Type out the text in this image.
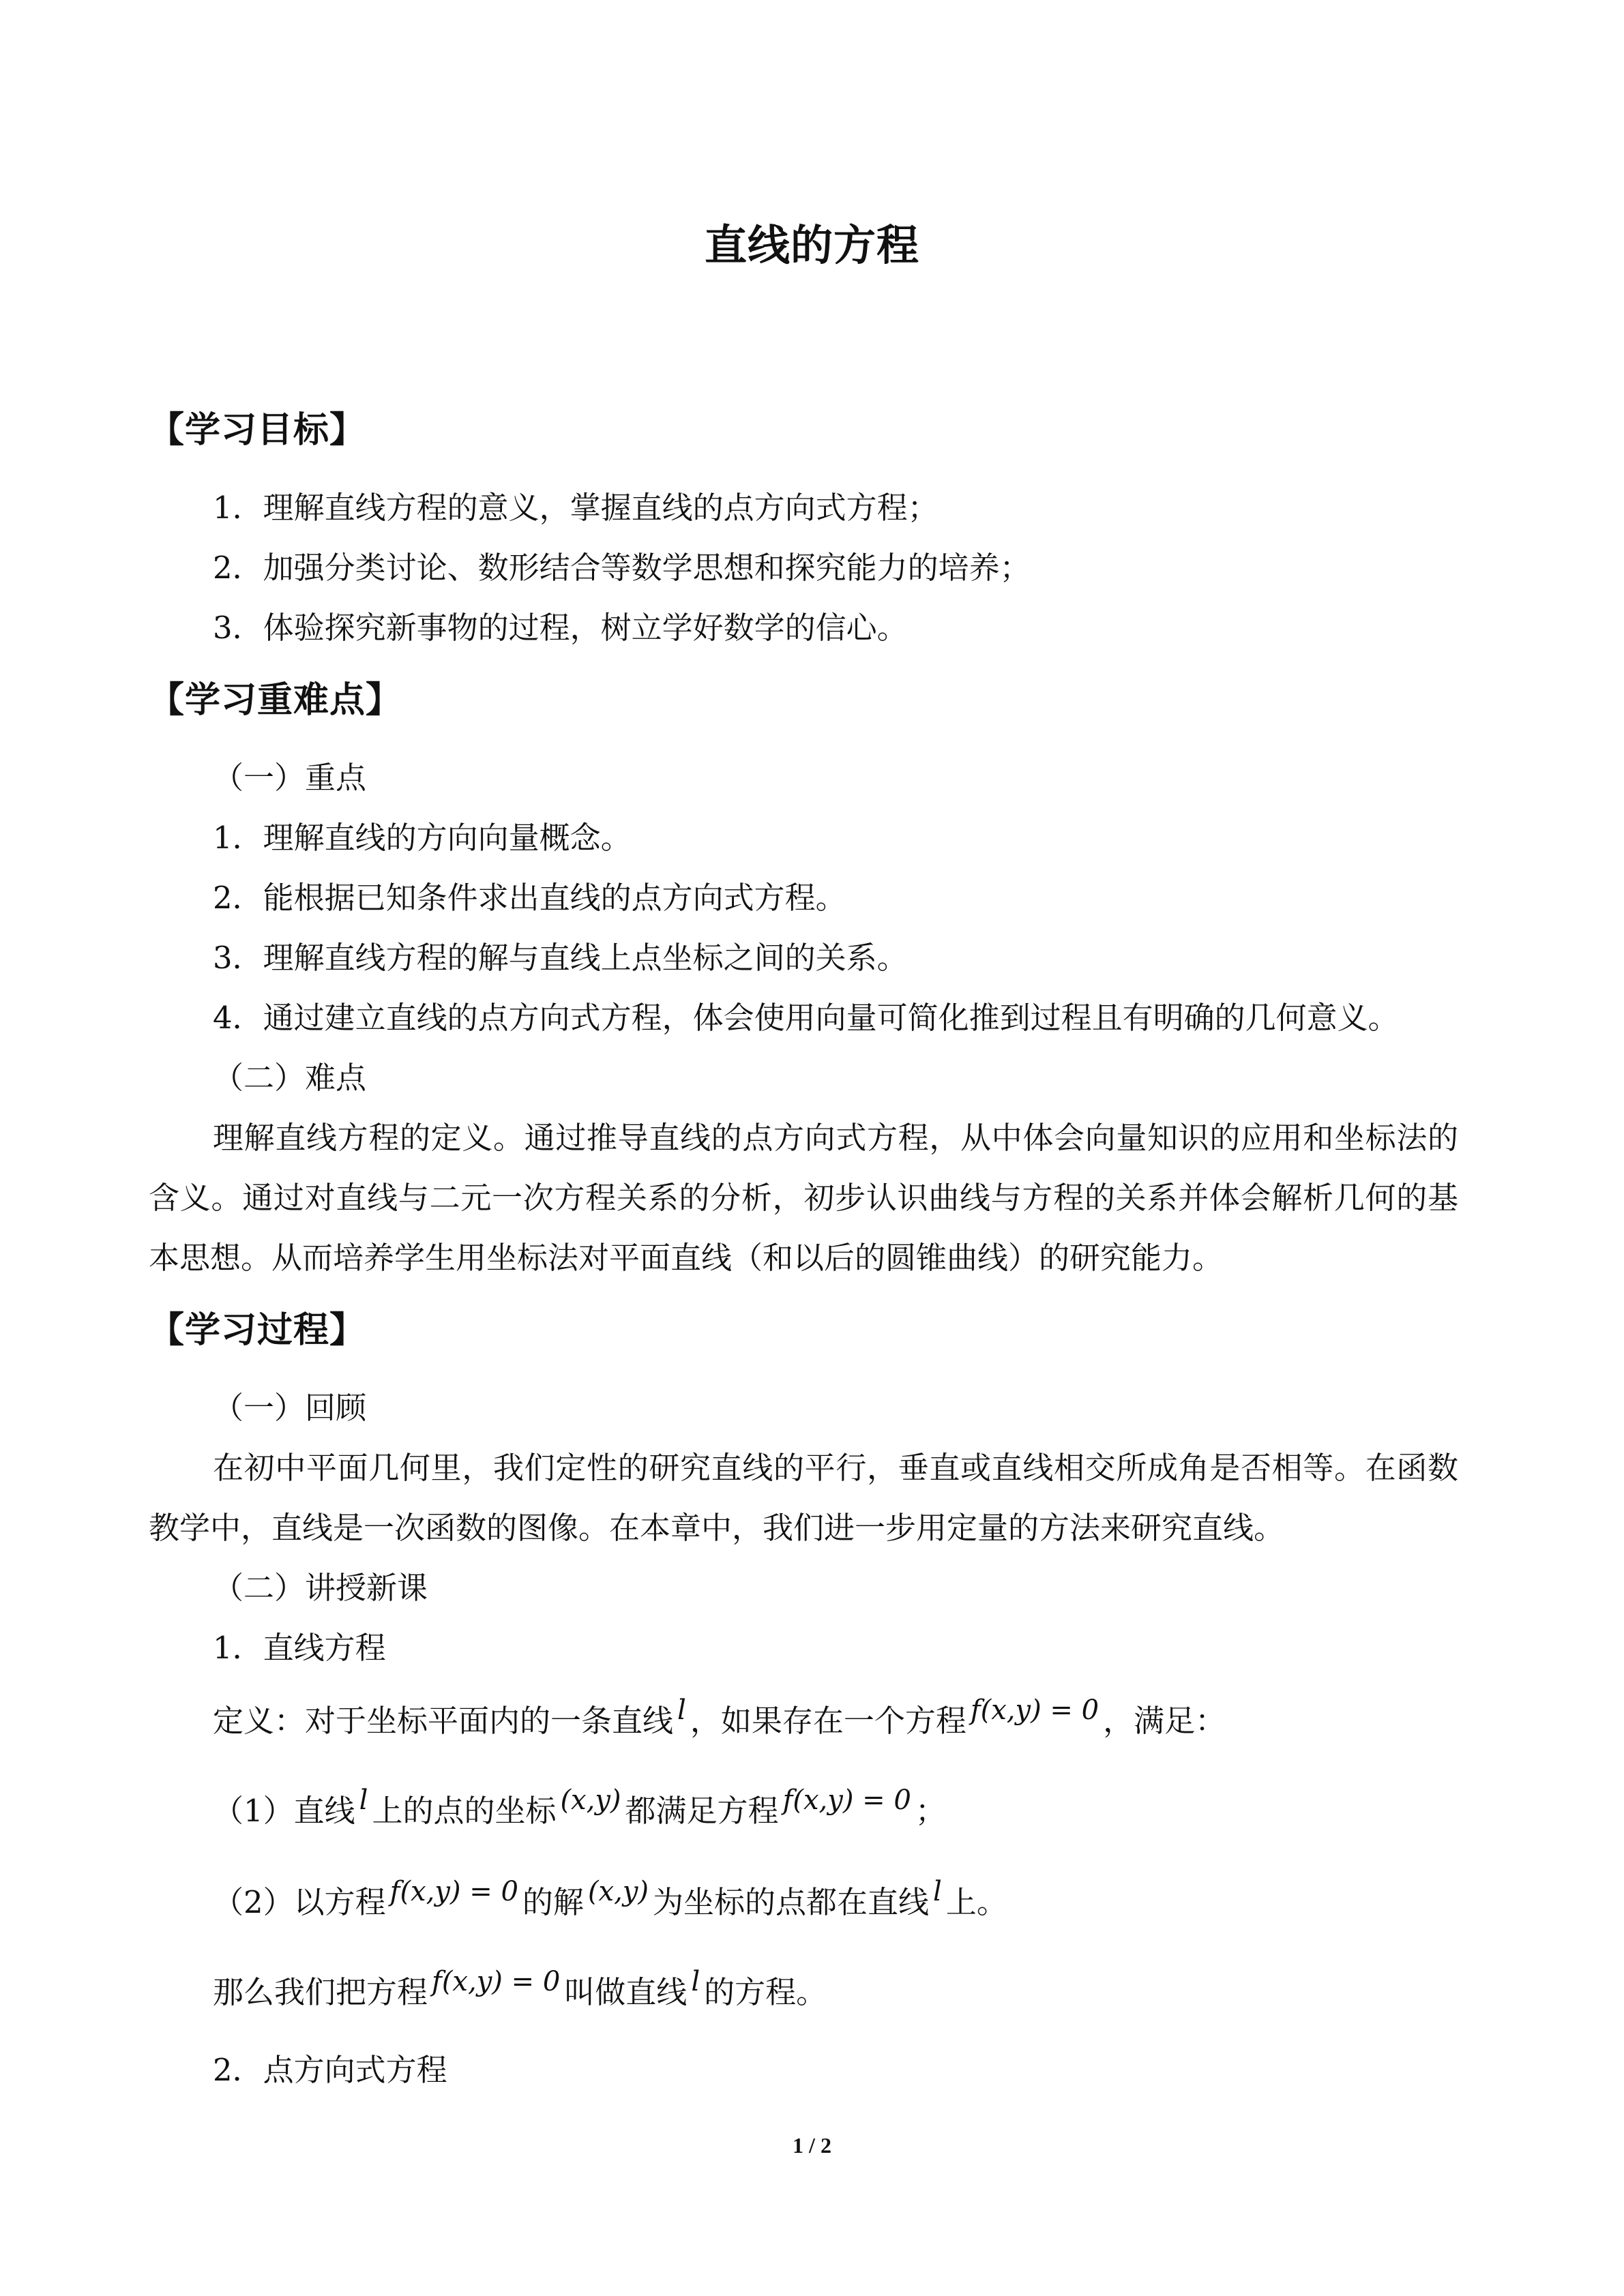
直线的方程
【学习目标】
1．理解直线方程的意义，掌握直线的点方向式方程；
2．加强分类讨论、数形结合等数学思想和探究能力的培养；
3．体验探究新事物的过程，树立学好数学的信心。
【学习重难点】
（一）重点
1．理解直线的方向向量概念。
2．能根据已知条件求出直线的点方向式方程。
3．理解直线方程的解与直线上点坐标之间的关系。
4．通过建立直线的点方向式方程，体会使用向量可简化推到过程且有明确的几何意义。
（二）难点
理解直线方程的定义。通过推导直线的点方向式方程，从中体会向量知识的应用和坐标法的含义。通过对直线与二元一次方程关系的分析，初步认识曲线与方程的关系并体会解析几何的基本思想。从而培养学生用坐标法对平面直线（和以后的圆锥曲线）的研究能力。
【学习过程】
（一）回顾
在初中平面几何里，我们定性的研究直线的平行，垂直或直线相交所成角是否相等。在函数教学中，直线是一次函数的图像。在本章中，我们进一步用定量的方法来研究直线。
（二）讲授新课
1．直线方程
定义：对于坐标平面内的一条直线 l ，如果存在一个方程 f(x,y) = 0 ，满足：
（1）直线 l 上的点的坐标 (x,y) 都满足方程 f(x,y) = 0 ；
（2）以方程 f(x,y) = 0 的解 (x,y) 为坐标的点都在直线 l 上。
那么我们把方程 f(x,y) = 0 叫做直线 l 的方程。
2．点方向式方程
1 / 2
